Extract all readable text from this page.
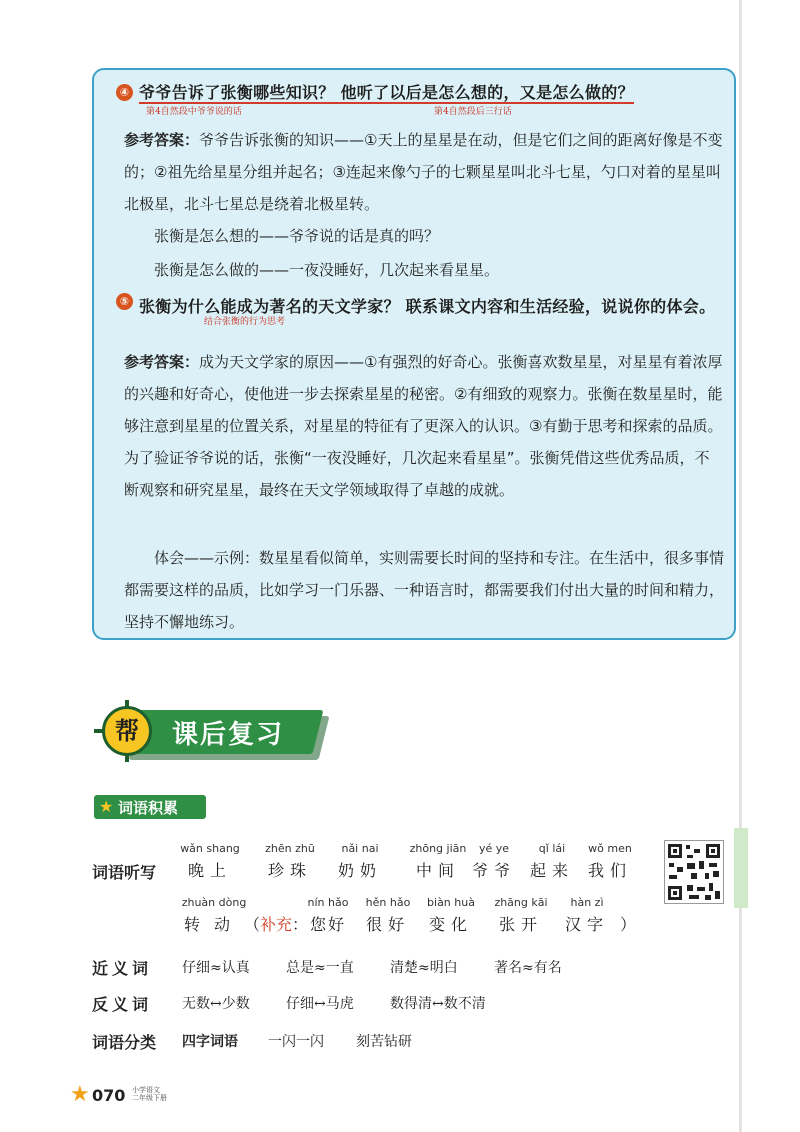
④ 爷爷告诉了张衡哪些知识？ 他听了以后是怎么想的，又是怎么做的？
第4自然段中爷爷说的话	第4自然段后三行话

参考答案：爷爷告诉张衡的知识——①天上的星星是在动，但是它们之间的距离好像是不变的；②祖先给星星分组并起名；③连起来像勺子的七颗星星叫北斗七星，勺口对着的星星叫北极星，北斗七星总是绕着北极星转。

张衡是怎么想的——爷爷说的话是真的吗？

张衡是怎么做的——一夜没睡好，几次起来看星星。

⑤ 张衡为什么能成为著名的天文学家？ 联系课文内容和生活经验，说说你的体会。
结合张衡的行为思考

参考答案：成为天文学家的原因——①有强烈的好奇心。张衡喜欢数星星，对星星有着浓厚的兴趣和好奇心，使他进一步去探索星星的秘密。②有细致的观察力。张衡在数星星时，能够注意到星星的位置关系，对星星的特征有了更深入的认识。③有勤于思考和探索的品质。为了验证爷爷说的话，张衡“一夜没睡好，几次起来看星星”。张衡凭借这些优秀品质，不断观察和研究星星，最终在天文学领域取得了卓越的成就。

体会——示例：数星星看似简单，实则需要长时间的坚持和专注。在生活中，很多事情都需要这样的品质，比如学习一门乐器、一种语言时，都需要我们付出大量的时间和精力，坚持不懈地练习。

课后复习
帮
★ 词语积累
词语听写
wǎn shang
晚上
zhēn zhū
珍珠
nǎi nai
奶奶
zhōng jiān
中间
yé ye
爷爷
qǐ lái
起来
wǒ men
我们
zhuàn dòng
转动 （补充：
nín hǎo
您好
hěn hǎo
很好
biàn huà
变化
zhāng kāi
张开
hàn zì
汉字 ）
近义词 仔细≈认真	总是≈一直	清楚≈明白	著名≈有名
反义词 无数↔少数	仔细↔马虎	数得清↔数不清
词语分类 四字词语 一闪一闪 刻苦钻研
★ 070 小学语文
二年级下册
